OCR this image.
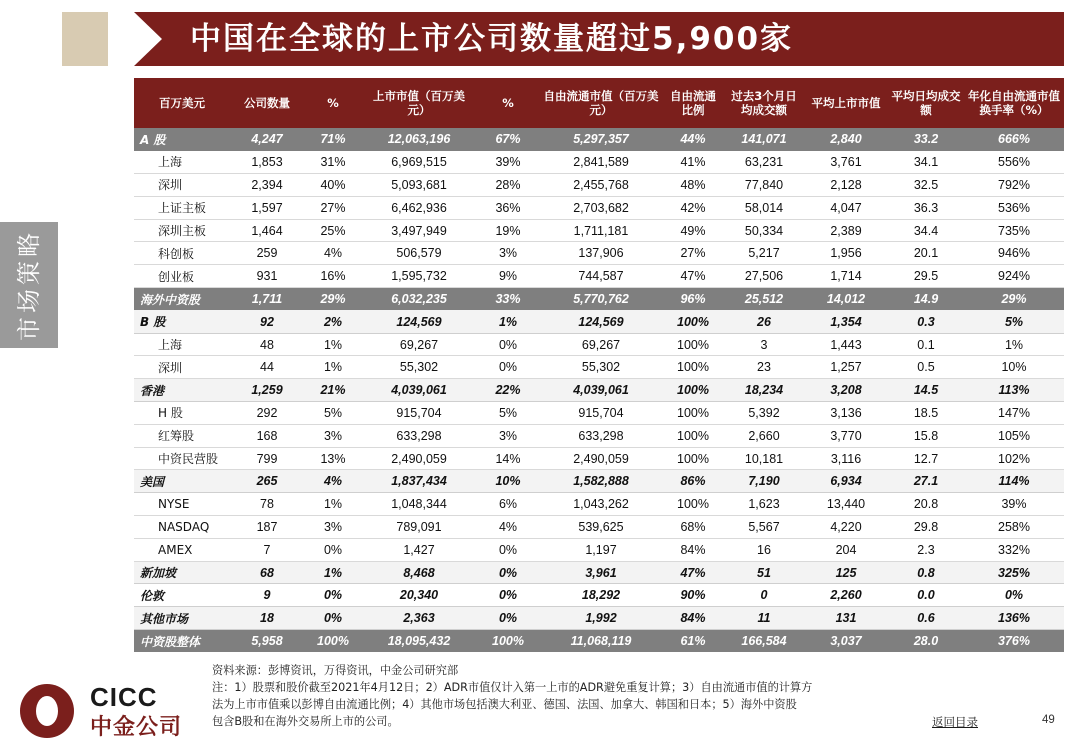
中国在全球的上市公司数量超过5,900家
市场策略
百万美元	公司数量	%	上市市值（百万美元）	%	自由流通市值（百万美元）	自由流通比例	过去3个月日均成交额	平均上市市值	平均日均成交额	年化自由流通市值换手率（%）
A 股	4,247	71%	12,063,196	67%	5,297,357	44%	141,071	2,840	33.2	666%
上海	1,853	31%	6,969,515	39%	2,841,589	41%	63,231	3,761	34.1	556%
深圳	2,394	40%	5,093,681	28%	2,455,768	48%	77,840	2,128	32.5	792%
上证主板	1,597	27%	6,462,936	36%	2,703,682	42%	58,014	4,047	36.3	536%
深圳主板	1,464	25%	3,497,949	19%	1,711,181	49%	50,334	2,389	34.4	735%
科创板	259	4%	506,579	3%	137,906	27%	5,217	1,956	20.1	946%
创业板	931	16%	1,595,732	9%	744,587	47%	27,506	1,714	29.5	924%
海外中资股	1,711	29%	6,032,235	33%	5,770,762	96%	25,512	14,012	14.9	29%
B 股	92	2%	124,569	1%	124,569	100%	26	1,354	0.3	5%
上海	48	1%	69,267	0%	69,267	100%	3	1,443	0.1	1%
深圳	44	1%	55,302	0%	55,302	100%	23	1,257	0.5	10%
香港	1,259	21%	4,039,061	22%	4,039,061	100%	18,234	3,208	14.5	113%
H 股	292	5%	915,704	5%	915,704	100%	5,392	3,136	18.5	147%
红筹股	168	3%	633,298	3%	633,298	100%	2,660	3,770	15.8	105%
中资民营股	799	13%	2,490,059	14%	2,490,059	100%	10,181	3,116	12.7	102%
美国	265	4%	1,837,434	10%	1,582,888	86%	7,190	6,934	27.1	114%
NYSE	78	1%	1,048,344	6%	1,043,262	100%	1,623	13,440	20.8	39%
NASDAQ	187	3%	789,091	4%	539,625	68%	5,567	4,220	29.8	258%
AMEX	7	0%	1,427	0%	1,197	84%	16	204	2.3	332%
新加坡	68	1%	8,468	0%	3,961	47%	51	125	0.8	325%
伦敦	9	0%	20,340	0%	18,292	90%	0	2,260	0.0	0%
其他市场	18	0%	2,363	0%	1,992	84%	11	131	0.6	136%
中资股整体	5,958	100%	18,095,432	100%	11,068,119	61%	166,584	3,037	28.0	376%
CICC
中金公司
资料来源：彭博资讯，万得资讯，中金公司研究部
注：1）股票和股价截至2021年4月12日；2）ADR市值仅计入第一上市的ADR避免重复计算；3）自由流通市值的计算方
法为上市市值乘以彭博自由流通比例；4）其他市场包括澳大利亚、德国、法国、加拿大、韩国和日本；5）海外中资股
包含B股和在海外交易所上市的公司。	返回目录	49
